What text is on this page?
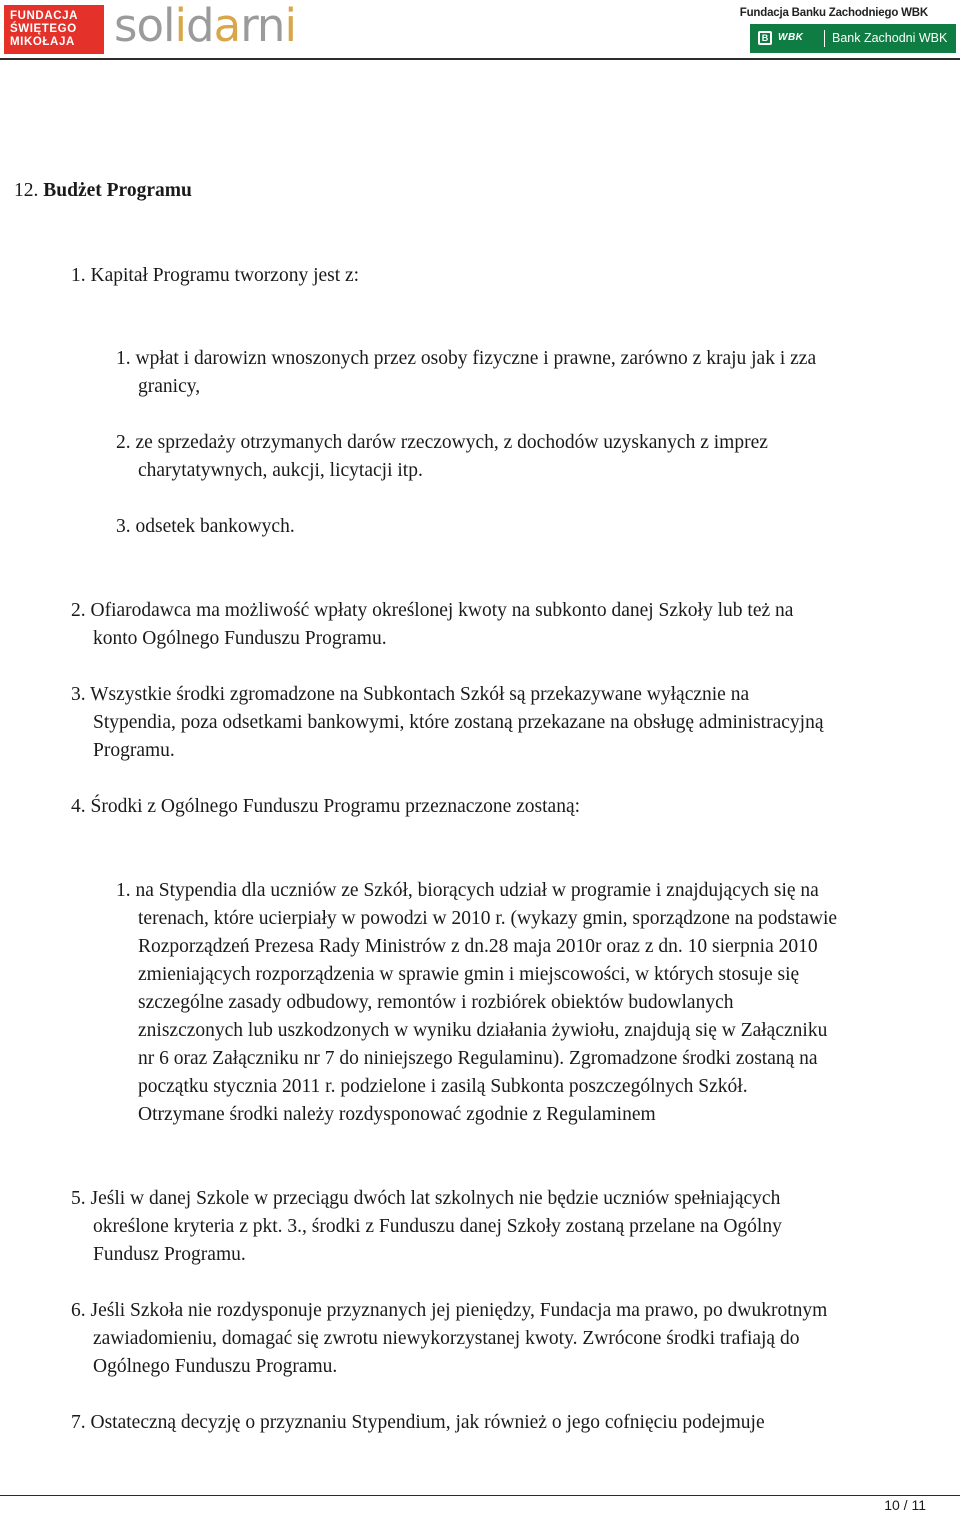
FUNDACJA
ŚWIĘTEGO
MIKOŁAJA solidarni	Fundacja Banku Zachodniego WBK
B WBK Bank Zachodni WBK

12. Budżet Programu

1. Kapitał Programu tworzony jest z:

1. wpłat i darowizn wnoszonych przez osoby fizyczne i prawne, zarówno z kraju jak i zza

granicy,

2. ze sprzedaży otrzymanych darów rzeczowych, z dochodów uzyskanych z imprez

charytatywnych, aukcji, licytacji itp.

3. odsetek bankowych.

2. Ofiarodawca ma możliwość wpłaty określonej kwoty na subkonto danej Szkoły lub też na

konto Ogólnego Funduszu Programu.

3. Wszystkie środki zgromadzone na Subkontach Szkół są przekazywane wyłącznie na

Stypendia, poza odsetkami bankowymi, które zostaną przekazane na obsługę administracyjną

Programu.

4. Środki z Ogólnego Funduszu Programu przeznaczone zostaną:

1. na Stypendia dla uczniów ze Szkół, biorących udział w programie i znajdujących się na

terenach, które ucierpiały w powodzi w 2010 r. (wykazy gmin, sporządzone na podstawie

Rozporządzeń Prezesa Rady Ministrów z dn.28 maja 2010r oraz z dn. 10 sierpnia 2010

zmieniających rozporządzenia w sprawie gmin i miejscowości, w których stosuje się

szczególne zasady odbudowy, remontów i rozbiórek obiektów budowlanych

zniszczonych lub uszkodzonych w wyniku działania żywiołu, znajdują się w Załączniku

nr 6 oraz Załączniku nr 7 do niniejszego Regulaminu). Zgromadzone środki zostaną na

początku stycznia 2011 r. podzielone i zasilą Subkonta poszczególnych Szkół.

Otrzymane środki należy rozdysponować zgodnie z Regulaminem

5. Jeśli w danej Szkole w przeciągu dwóch lat szkolnych nie będzie uczniów spełniających

określone kryteria z pkt. 3., środki z Funduszu danej Szkoły zostaną przelane na Ogólny

Fundusz Programu.

6. Jeśli Szkoła nie rozdysponuje przyznanych jej pieniędzy, Fundacja ma prawo, po dwukrotnym

zawiadomieniu, domagać się zwrotu niewykorzystanej kwoty. Zwrócone środki trafiają do

Ogólnego Funduszu Programu.

7. Ostateczną decyzję o przyznaniu Stypendium, jak również o jego cofnięciu podejmuje

10 / 11
